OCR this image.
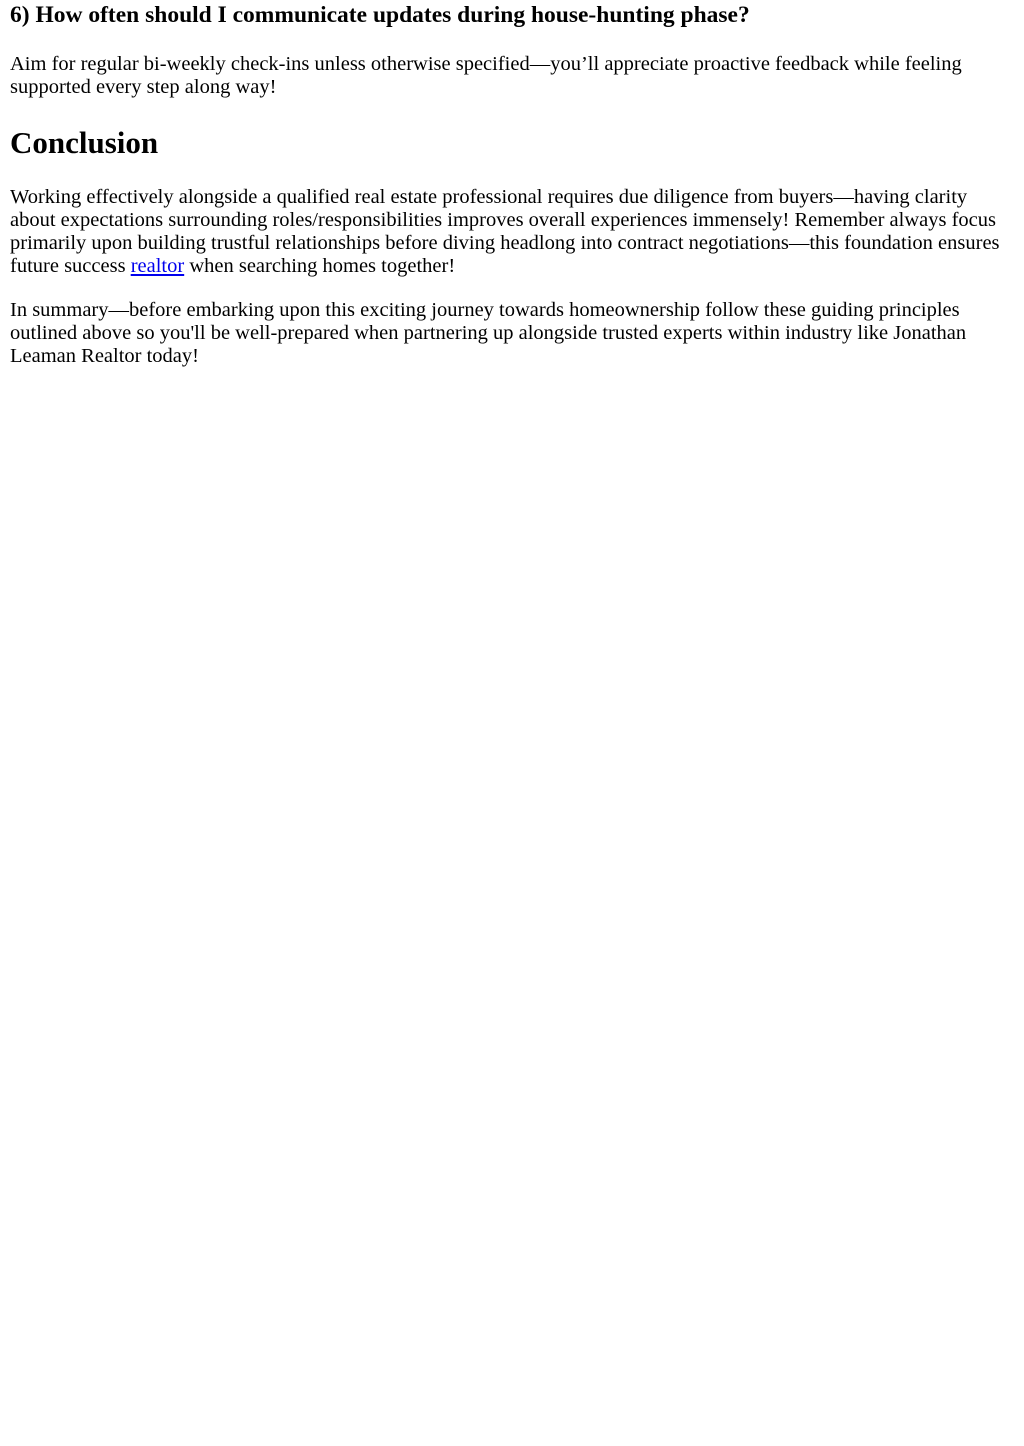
6) How often should I communicate updates during house-hunting phase?

Aim for regular bi-weekly check-ins unless otherwise specified—you’ll appreciate proactive feedback while feeling supported every step along way!

Conclusion

Working effectively alongside a qualified real estate professional requires due diligence from buyers—having clarity about expectations surrounding roles/responsibilities improves overall experiences immensely! Remember always focus primarily upon building trustful relationships before diving headlong into contract negotiations—this foundation ensures future success realtor when searching homes together!

In summary—before embarking upon this exciting journey towards homeownership follow these guiding principles outlined above so you'll be well-prepared when partnering up alongside trusted experts within industry like Jonathan Leaman Realtor today!
